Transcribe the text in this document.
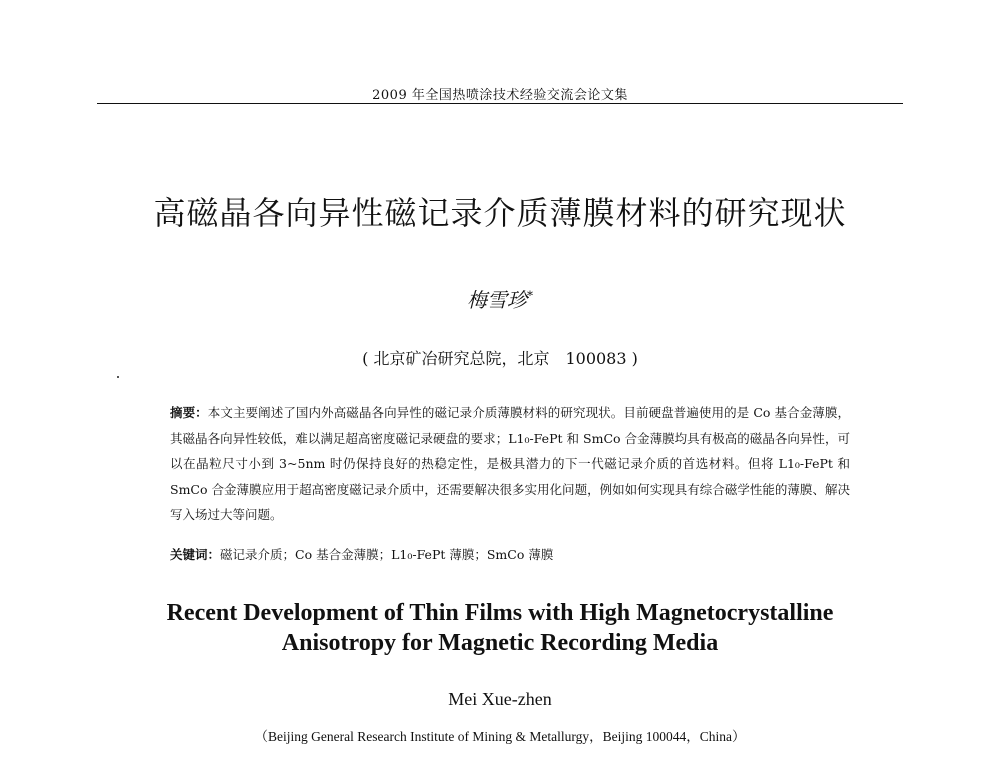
2009 年全国热喷涂技术经验交流会论文集
高磁晶各向异性磁记录介质薄膜材料的研究现状
梅雪珍*
( 北京矿冶研究总院，北京　100083 )
摘要：本文主要阐述了国内外高磁晶各向异性的磁记录介质薄膜材料的研究现状。目前硬盘普遍使用的是 Co 基合金薄膜，其磁晶各向异性较低，难以满足超高密度磁记录硬盘的要求；L1₀-FePt 和 SmCo 合金薄膜均具有极高的磁晶各向异性，可以在晶粒尺寸小到 3~5nm 时仍保持良好的热稳定性，是极具潜力的下一代磁记录介质的首选材料。但将 L1₀-FePt 和 SmCo 合金薄膜应用于超高密度磁记录介质中，还需要解决很多实用化问题，例如如何实现具有综合磁学性能的薄膜、解决写入场过大等问题。
关键词：磁记录介质；Co 基合金薄膜；L1₀-FePt 薄膜；SmCo 薄膜
Recent Development of Thin Films with High Magnetocrystalline
Anisotropy for Magnetic Recording Media
Mei Xue-zhen
（Beijing General Research Institute of Mining & Metallurgy，Beijing 100044，China）
